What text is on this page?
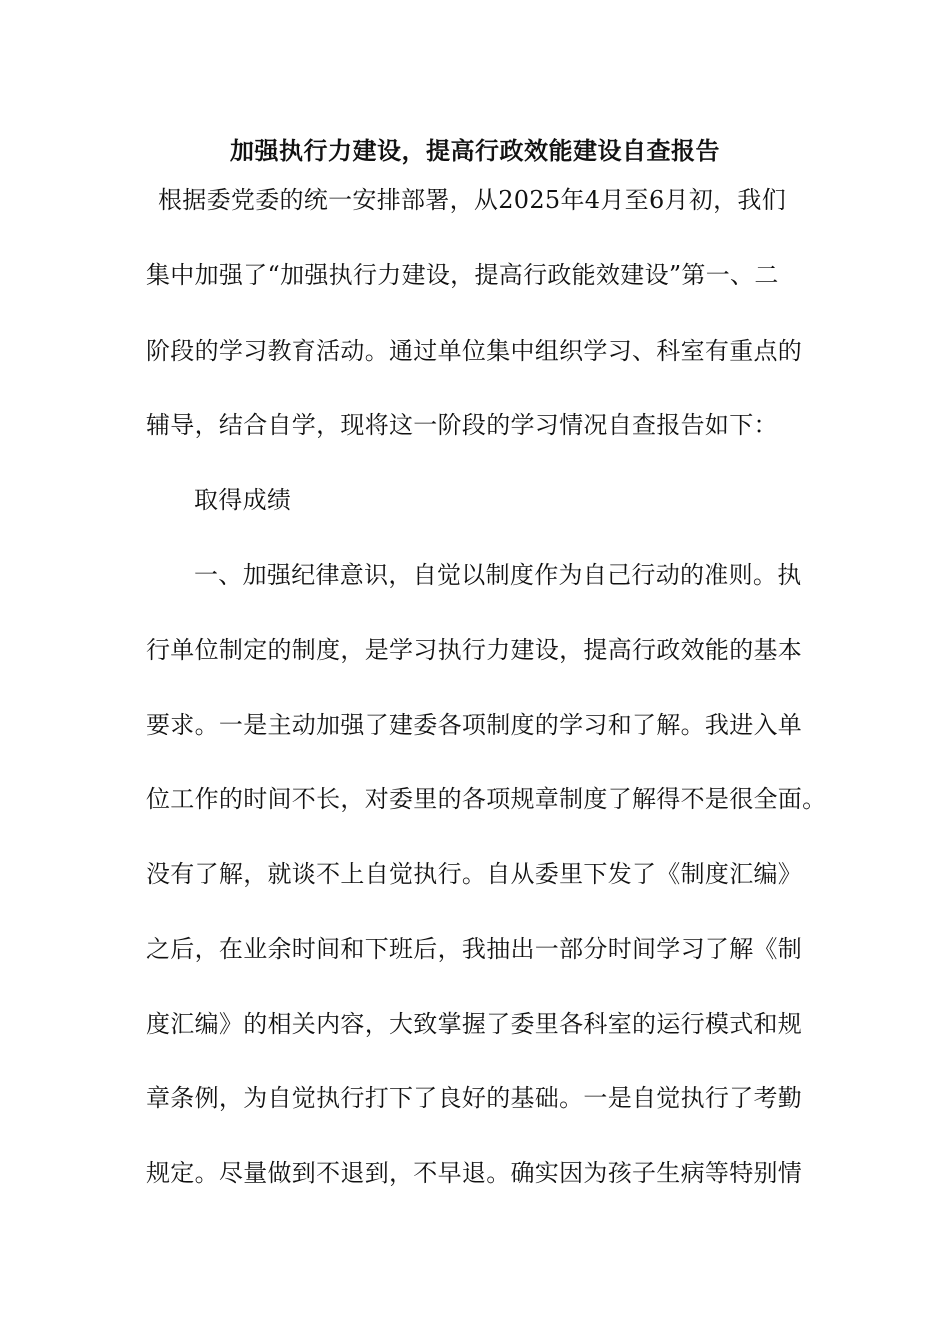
加强执行力建设，提高行政效能建设自查报告
根据委党委的统一安排部署，从2025年4月至6月初，我们
集中加强了“加强执行力建设，提高行政能效建设”第一、二
阶段的学习教育活动。通过单位集中组织学习、科室有重点的
辅导，结合自学，现将这一阶段的学习情况自查报告如下：
取得成绩
一、加强纪律意识，自觉以制度作为自己行动的准则。执
行单位制定的制度，是学习执行力建设，提高行政效能的基本
要求。一是主动加强了建委各项制度的学习和了解。我进入单
位工作的时间不长，对委里的各项规章制度了解得不是很全面。
没有了解，就谈不上自觉执行。自从委里下发了《制度汇编》
之后，在业余时间和下班后，我抽出一部分时间学习了解《制
度汇编》的相关内容，大致掌握了委里各科室的运行模式和规
章条例，为自觉执行打下了良好的基础。一是自觉执行了考勤
规定。尽量做到不退到，不早退。确实因为孩子生病等特别情
